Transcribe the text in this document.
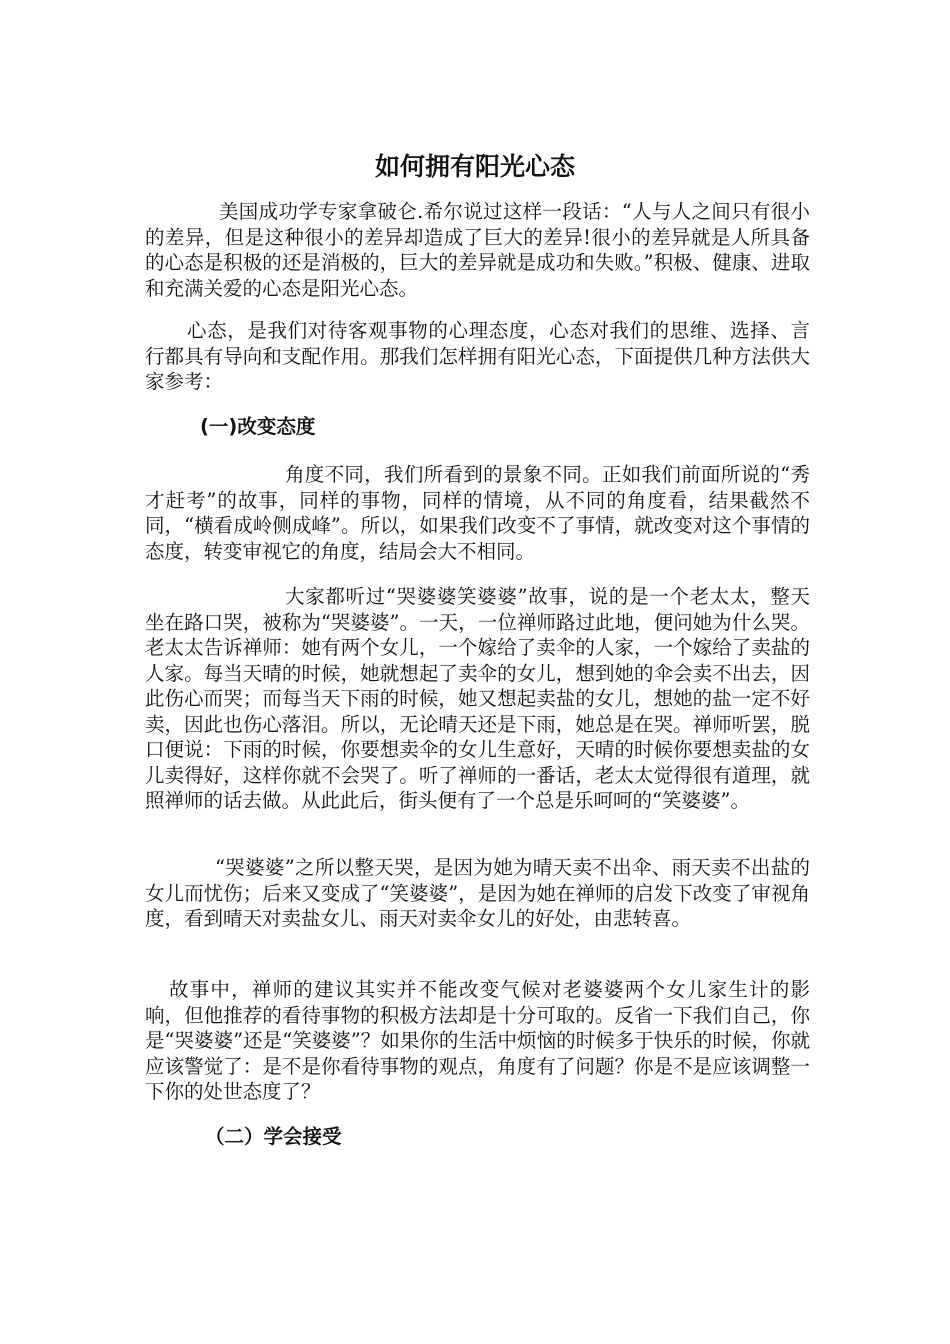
如何拥有阳光心态

美国成功学专家拿破仑.希尔说过这样一段话：“人与人之间只有很小的差异，但是这种很小的差异却造成了巨大的差异!很小的差异就是人所具备的心态是积极的还是消极的，巨大的差异就是成功和失败。”积极、健康、进取和充满关爱的心态是阳光心态。

心态，是我们对待客观事物的心理态度，心态对我们的思维、选择、言行都具有导向和支配作用。那我们怎样拥有阳光心态，下面提供几种方法供大家参考：

(一)改变态度

角度不同，我们所看到的景象不同。正如我们前面所说的“秀才赶考”的故事，同样的事物，同样的情境，从不同的角度看，结果截然不同，“横看成岭侧成峰”。所以，如果我们改变不了事情，就改变对这个事情的态度，转变审视它的角度，结局会大不相同。

大家都听过“哭婆婆笑婆婆”故事，说的是一个老太太，整天坐在路口哭，被称为“哭婆婆”。一天，一位禅师路过此地，便问她为什么哭。老太太告诉禅师：她有两个女儿，一个嫁给了卖伞的人家，一个嫁给了卖盐的人家。每当天晴的时候，她就想起了卖伞的女儿，想到她的伞会卖不出去，因此伤心而哭；而每当天下雨的时候，她又想起卖盐的女儿，想她的盐一定不好卖，因此也伤心落泪。所以，无论晴天还是下雨，她总是在哭。禅师听罢，脱口便说：下雨的时候，你要想卖伞的女儿生意好，天晴的时候你要想卖盐的女儿卖得好，这样你就不会哭了。听了禅师的一番话，老太太觉得很有道理，就照禅师的话去做。从此此后，街头便有了一个总是乐呵呵的“笑婆婆”。

“哭婆婆”之所以整天哭，是因为她为晴天卖不出伞、雨天卖不出盐的女儿而忧伤；后来又变成了“笑婆婆”，是因为她在禅师的启发下改变了审视角度，看到晴天对卖盐女儿、雨天对卖伞女儿的好处，由悲转喜。

故事中，禅师的建议其实并不能改变气候对老婆婆两个女儿家生计的影响，但他推荐的看待事物的积极方法却是十分可取的。反省一下我们自己，你是“哭婆婆”还是“笑婆婆”？如果你的生活中烦恼的时候多于快乐的时候，你就应该警觉了：是不是你看待事物的观点，角度有了问题？你是不是应该调整一下你的处世态度了？

（二）学会接受
